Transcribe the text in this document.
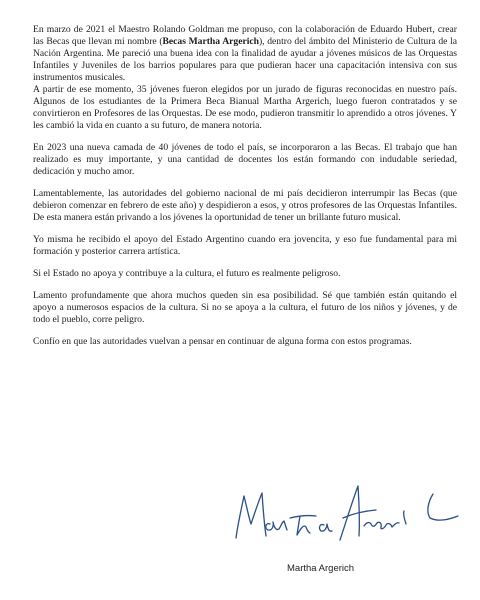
En marzo de 2021 el Maestro Rolando Goldman me propuso, con la colaboración de Eduardo Hubert, crear las Becas que llevan mi nombre (Becas Martha Argerich), dentro del ámbito del Ministerio de Cultura de la Nación Argentina. Me pareció una buena idea con la finalidad de ayudar a jóvenes músicos de las Orquestas Infantiles y Juveniles de los barrios populares para que pudieran hacer una capacitación intensiva con sus instrumentos musicales.

A partir de ese momento, 35 jóvenes fueron elegidos por un jurado de figuras reconocidas en nuestro país. Algunos de los estudiantes de la Primera Beca Bianual Martha Argerich, luego fueron contratados y se convirtieron en Profesores de las Orquestas. De ese modo, pudieron transmitir lo aprendido a otros jóvenes. Y les cambió la vida en cuanto a su futuro, de manera notoria.

En 2023 una nueva camada de 40 jóvenes de todo el país, se incorporaron a las Becas. El trabajo que han realizado es muy importante, y una cantidad de docentes los están formando con indudable seriedad, dedicación y mucho amor.

Lamentablemente, las autoridades del gobierno nacional de mi país decidieron interrumpir las Becas (que debieron comenzar en febrero de este año) y despidieron a esos, y otros profesores de las Orquestas Infantiles. De esta manera están privando a los jóvenes la oportunidad de tener un brillante futuro musical.

Yo misma he recibido el apoyo del Estado Argentino cuando era jovencita, y eso fue fundamental para mi formación y posterior carrera artística.

Si el Estado no apoya y contribuye a la cultura, el futuro es realmente peligroso.

Lamento profundamente que ahora muchos queden sin esa posibilidad. Sé que también están quitando el apoyo a numerosos espacios de la cultura. Si no se apoya a la cultura, el futuro de los niños y jóvenes, y de todo el pueblo, corre peligro.

Confío en que las autoridades vuelvan a pensar en continuar de alguna forma con estos programas.

Martha Argerich
Martha Argerich
